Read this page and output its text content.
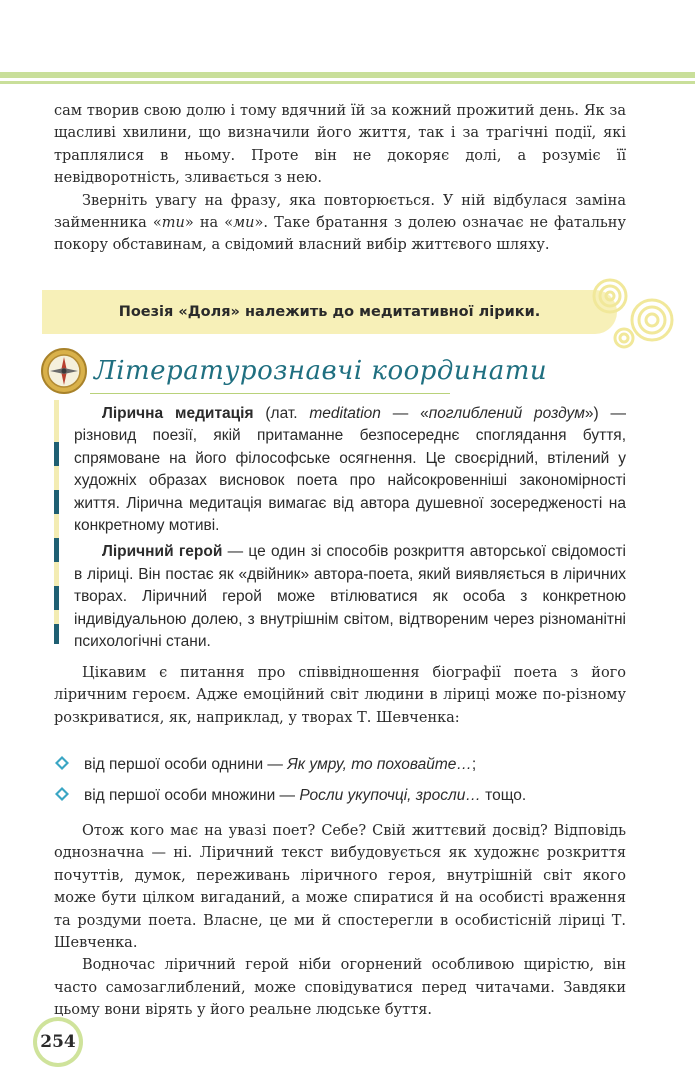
сам творив свою долю і тому вдячний їй за кожний прожитий день. Як за щасливі хвилини, що визначили його життя, так і за трагічні події, які траплялися в ньому. Проте він не докоряє долі, а розуміє її невідворотність, зливається з нею.

Зверніть увагу на фразу, яка повторюється. У ній відбулася заміна займенника «ти» на «ми». Таке братання з долею означає не фатальну покору обставинам, а свідомий власний вибір життєвого шляху.

Поезія «Доля» належить до медитативної лірики.
Літературознавчі координати

Лірична медитація (лат. meditation — «поглиблений роздум») — різновид поезії, якій притаманне безпосереднє споглядання буття, спрямоване на його філософське осягнення. Це своєрідний, втілений у художніх образах висновок поета про найсокровенніші закономірності життя. Лірична медитація вимагає від автора душевної зосередженості на конкретному мотиві.

Ліричний герой — це один зі способів розкриття авторської свідомості в ліриці. Він постає як «двійник» автора-поета, який виявляється в ліричних творах. Ліричний герой може втілюватися як особа з конкретною індивідуальною долею, з внутрішнім світом, відтвореним через різноманітні психологічні стани.

Цікавим є питання про співвідношення біографії поета з його ліричним героєм. Адже емоційний світ людини в ліриці може по-різному розкриватися, як, наприклад, у творах Т. Шевченка:

від першої особи однини — Як умру, то поховайте…;
від першої особи множини — Росли укупочці, зросли… тощо.

Отож кого має на увазі поет? Себе? Свій життєвий досвід? Відповідь однозначна — ні. Ліричний текст вибудовується як художнє розкриття почуттів, думок, переживань ліричного героя, внутрішній світ якого може бути цілком вигаданий, а може спиратися й на особисті враження та роздуми поета. Власне, це ми й спостерегли в особистісній ліриці Т. Шевченка.

Водночас ліричний герой ніби огорнений особливою щирістю, він часто самозаглиблений, може сповідуватися перед читачами. Завдяки цьому вони вірять у його реальне людське буття.

254
